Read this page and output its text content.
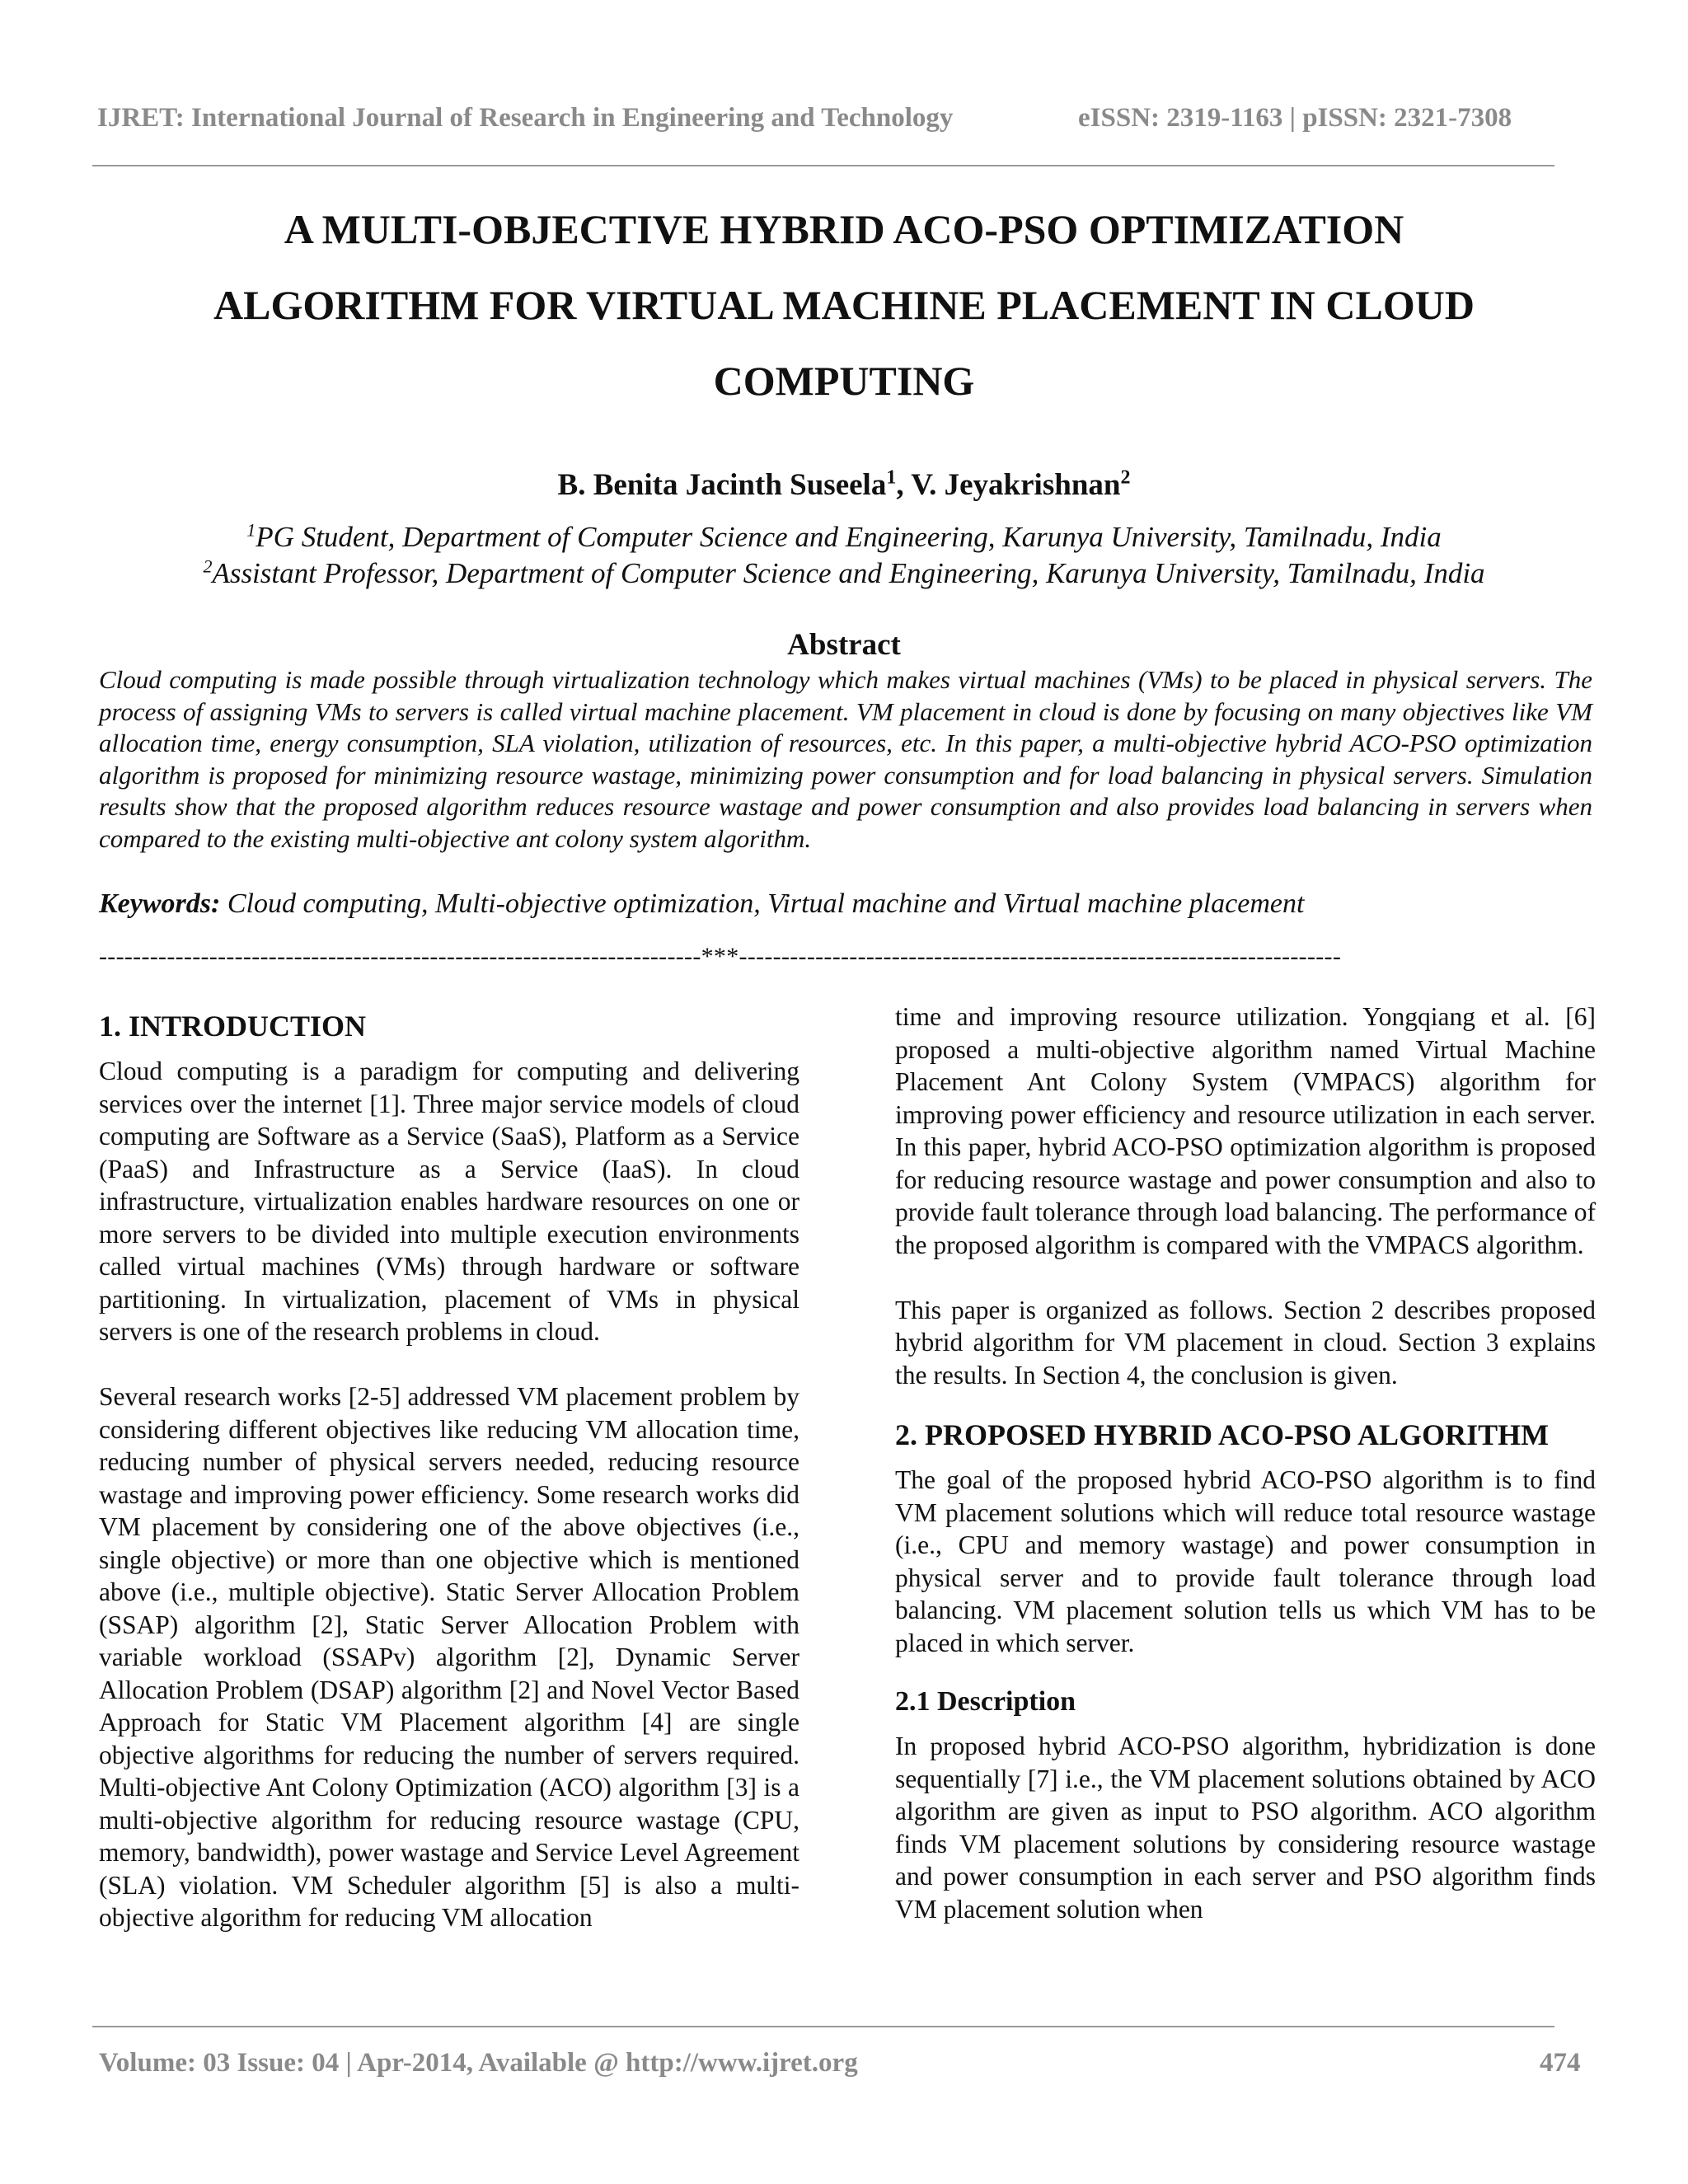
IJRET: International Journal of Research in Engineering and Technology	eISSN: 2319-1163 | pISSN: 2321-7308
A MULTI-OBJECTIVE HYBRID ACO-PSO OPTIMIZATION
ALGORITHM FOR VIRTUAL MACHINE PLACEMENT IN CLOUD
COMPUTING
B. Benita Jacinth Suseela$^1$, V. Jeyakrishnan$^2$
$^1$PG Student, Department of Computer Science and Engineering, Karunya University, Tamilnadu, India
$^2$Assistant Professor, Department of Computer Science and Engineering, Karunya University, Tamilnadu, India
Abstract

Cloud computing is made possible through virtualization technology which makes virtual machines (VMs) to be placed in physical servers. The process of assigning VMs to servers is called virtual machine placement. VM placement in cloud is done by focusing on many objectives like VM allocation time, energy consumption, SLA violation, utilization of resources, etc. In this paper, a multi-objective hybrid ACO-PSO optimization algorithm is proposed for minimizing resource wastage, minimizing power consumption and for load balancing in physical servers. Simulation results show that the proposed algorithm reduces resource wastage and power consumption and also provides load balancing in servers when compared to the existing multi-objective ant colony system algorithm.

Keywords: Cloud computing, Multi-objective optimization, Virtual machine and Virtual machine placement

-----------------------------------------------------------------------***-----------------------------------------------------------------------
1. INTRODUCTION

Cloud computing is a paradigm for computing and delivering services over the internet [1]. Three major service models of cloud computing are Software as a Service (SaaS), Platform as a Service (PaaS) and Infrastructure as a Service (IaaS). In cloud infrastructure, virtualization enables hardware resources on one or more servers to be divided into multiple execution environments called virtual machines (VMs) through hardware or software partitioning. In virtualization, placement of VMs in physical servers is one of the research problems in cloud.

Several research works [2-5] addressed VM placement problem by considering different objectives like reducing VM allocation time, reducing number of physical servers needed, reducing resource wastage and improving power efficiency. Some research works did VM placement by considering one of the above objectives (i.e., single objective) or more than one objective which is mentioned above (i.e., multiple objective). Static Server Allocation Problem (SSAP) algorithm [2], Static Server Allocation Problem with variable workload (SSAPv) algorithm [2], Dynamic Server Allocation Problem (DSAP) algorithm [2] and Novel Vector Based Approach for Static VM Placement algorithm [4] are single objective algorithms for reducing the number of servers required. Multi-objective Ant Colony Optimization (ACO) algorithm [3] is a multi-objective algorithm for reducing resource wastage (CPU, memory, bandwidth), power wastage and Service Level Agreement (SLA) violation. VM Scheduler algorithm [5] is also a multi-objective algorithm for reducing VM allocation

time and improving resource utilization. Yongqiang et al. [6] proposed a multi-objective algorithm named Virtual Machine Placement Ant Colony System (VMPACS) algorithm for improving power efficiency and resource utilization in each server. In this paper, hybrid ACO-PSO optimization algorithm is proposed for reducing resource wastage and power consumption and also to provide fault tolerance through load balancing. The performance of the proposed algorithm is compared with the VMPACS algorithm.

This paper is organized as follows. Section 2 describes proposed hybrid algorithm for VM placement in cloud. Section 3 explains the results. In Section 4, the conclusion is given.

2. PROPOSED HYBRID ACO-PSO ALGORITHM

The goal of the proposed hybrid ACO-PSO algorithm is to find VM placement solutions which will reduce total resource wastage (i.e., CPU and memory wastage) and power consumption in physical server and to provide fault tolerance through load balancing. VM placement solution tells us which VM has to be placed in which server.

2.1 Description

In proposed hybrid ACO-PSO algorithm, hybridization is done sequentially [7] i.e., the VM placement solutions obtained by ACO algorithm are given as input to PSO algorithm. ACO algorithm finds VM placement solutions by considering resource wastage and power consumption in each server and PSO algorithm finds VM placement solution when

Volume: 03 Issue: 04 | Apr-2014, Available @ http://www.ijret.org	474
